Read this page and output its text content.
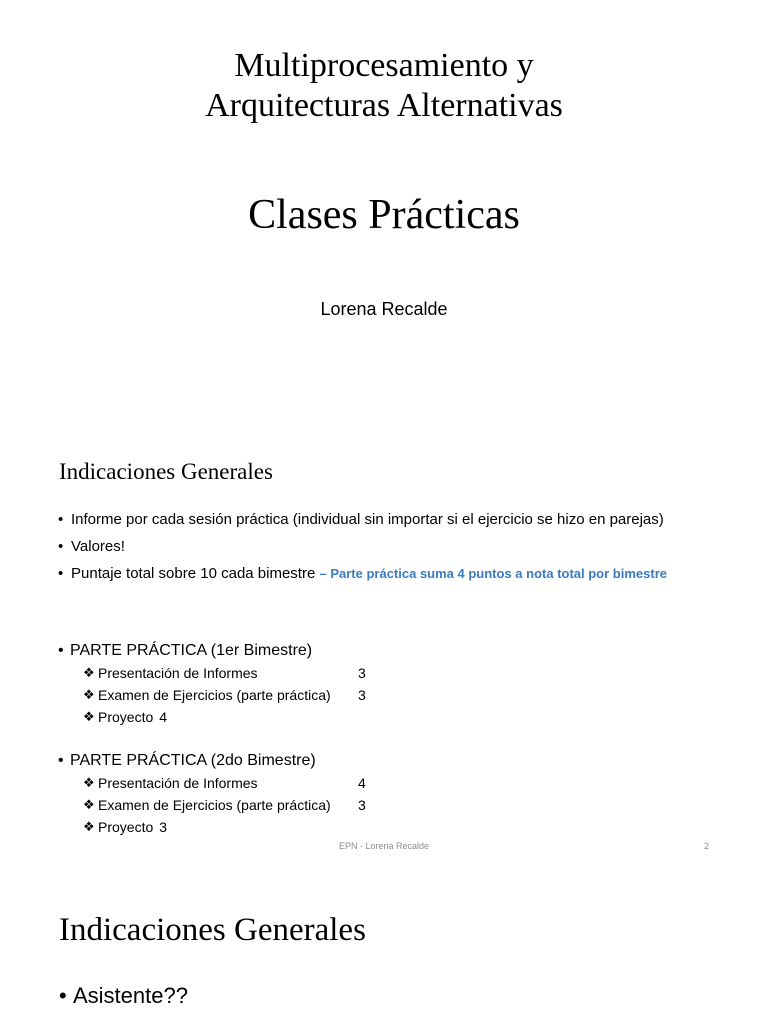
Multiprocesamiento y
Arquitecturas Alternativas
Clases Prácticas
Lorena Recalde
Indicaciones Generales
• Informe por cada sesión práctica (individual sin importar si el ejercicio se hizo en parejas)
• Valores!
• Puntaje total sobre 10 cada bimestre – Parte práctica suma 4 puntos a nota total por bimestre
• PARTE PRÁCTICA (1er Bimestre)
❖ Presentación de Informes	3
❖ Examen de Ejercicios (parte práctica) 3
❖ Proyecto 4
• PARTE PRÁCTICA (2do Bimestre)
❖ Presentación de Informes	4
❖ Examen de Ejercicios (parte práctica) 3
❖ Proyecto 3
EPN - Lorena Recalde	2
Indicaciones Generales
• Asistente??
